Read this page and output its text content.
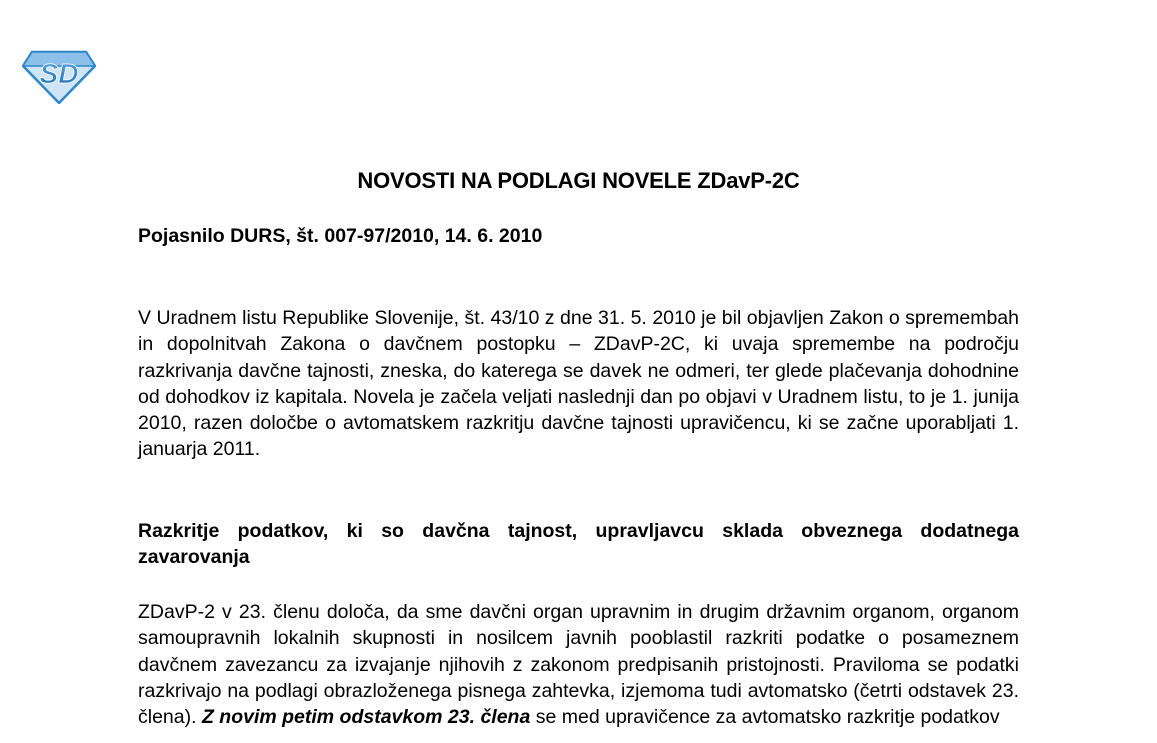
SD
NOVOSTI NA PODLAGI NOVELE ZDavP-2C
Pojasnilo DURS, št. 007-97/2010, 14. 6. 2010

V Uradnem listu Republike Slovenije, št. 43/10 z dne 31. 5. 2010 je bil objavljen Zakon o spremembah in dopolnitvah Zakona o davčnem postopku – ZDavP-2C, ki uvaja spremembe na področju razkrivanja davčne tajnosti, zneska, do katerega se davek ne odmeri, ter glede plačevanja dohodnine od dohodkov iz kapitala. Novela je začela veljati naslednji dan po objavi v Uradnem listu, to je 1. junija 2010, razen določbe o avtomatskem razkritju davčne tajnosti upravičencu, ki se začne uporabljati 1. januarja 2011.

Razkritje podatkov, ki so davčna tajnost, upravljavcu sklada obveznega dodatnega zavarovanja

ZDavP-2 v 23. členu določa, da sme davčni organ upravnim in drugim državnim organom, organom samoupravnih lokalnih skupnosti in nosilcem javnih pooblastil razkriti podatke o posameznem davčnem zavezancu za izvajanje njihovih z zakonom predpisanih pristojnosti. Praviloma se podatki razkrivajo na podlagi obrazloženega pisnega zahtevka, izjemoma tudi avtomatsko (četrti odstavek 23. člena). Z novim petim odstavkom 23. člena se med upravičence za avtomatsko razkritje podatkov
